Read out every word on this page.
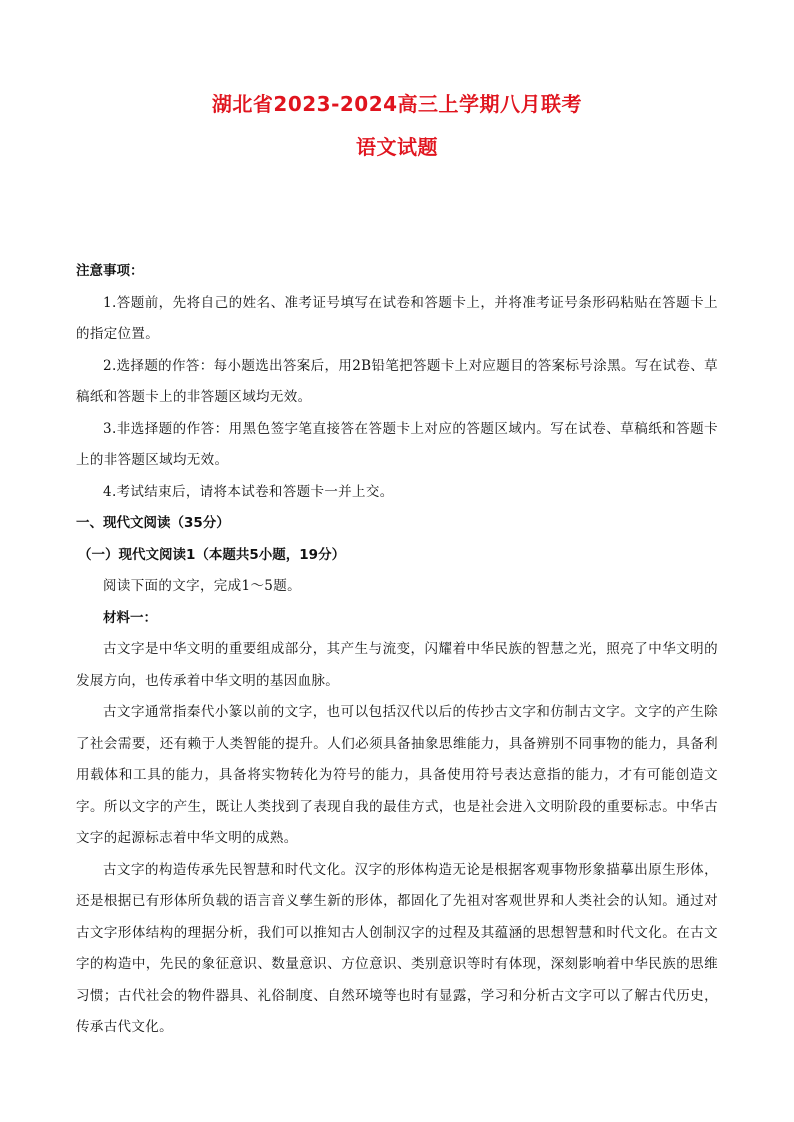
湖北省2023-2024高三上学期八月联考
语文试题

注意事项：

1.答题前，先将自己的姓名、准考证号填写在试卷和答题卡上，并将准考证号条形码粘贴在答题卡上的指定位置。

2.选择题的作答：每小题选出答案后，用2B铅笔把答题卡上对应题目的答案标号涂黑。写在试卷、草稿纸和答题卡上的非答题区域均无效。

3.非选择题的作答：用黑色签字笔直接答在答题卡上对应的答题区域内。写在试卷、草稿纸和答题卡上的非答题区域均无效。

4.考试结束后，请将本试卷和答题卡一并上交。

一、现代文阅读（35分）

（一）现代文阅读1（本题共5小题，19分）

阅读下面的文字，完成1～5题。

材料一：

古文字是中华文明的重要组成部分，其产生与流变，闪耀着中华民族的智慧之光，照亮了中华文明的发展方向，也传承着中华文明的基因血脉。

古文字通常指秦代小篆以前的文字，也可以包括汉代以后的传抄古文字和仿制古文字。文字的产生除了社会需要，还有赖于人类智能的提升。人们必须具备抽象思维能力，具备辨别不同事物的能力，具备利用载体和工具的能力，具备将实物转化为符号的能力，具备使用符号表达意指的能力，才有可能创造文字。所以文字的产生，既让人类找到了表现自我的最佳方式，也是社会进入文明阶段的重要标志。中华古文字的起源标志着中华文明的成熟。

古文字的构造传承先民智慧和时代文化。汉字的形体构造无论是根据客观事物形象描摹出原生形体，还是根据已有形体所负载的语言音义孳生新的形体，都固化了先祖对客观世界和人类社会的认知。通过对古文字形体结构的理据分析，我们可以推知古人创制汉字的过程及其蕴涵的思想智慧和时代文化。在古文字的构造中，先民的象征意识、数量意识、方位意识、类别意识等时有体现，深刻影响着中华民族的思维习惯；古代社会的物件器具、礼俗制度、自然环境等也时有显露，学习和分析古文字可以了解古代历史，传承古代文化。
